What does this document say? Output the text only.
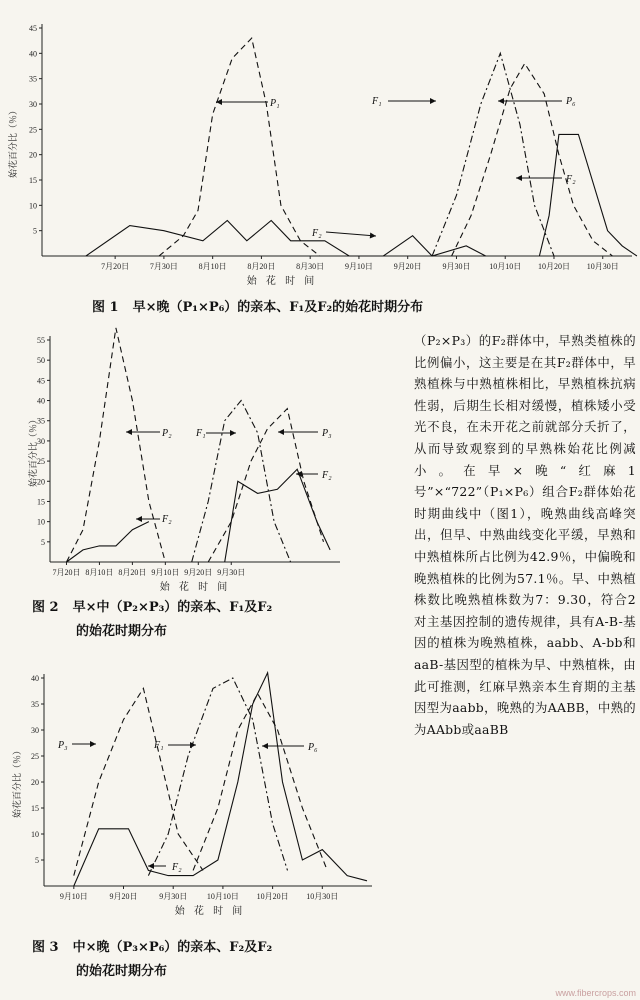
5
10
15
20
25
30
35
40
45
7月20日	7月30日	8月10日	8月20日	8月30日	9月10日	9月20日	9月30日 10月10日 10月20日 10月30日
始 花 时 间
始花百分比（％）
P₁	F₁	P₆
F₂
F₂
图 1 早×晚（P₁×P₆）的亲本、F₁及F₂的始花时期分布
5
10
15
20
25
30
35
40
45
50
55
7月20日 8月10日 8月20日 9月10日 9月20日 9月30日
始 花 时 间
始花百分比（％）	P₂ F₁	P₃
F₂
F₂
图 2 早×中（P₂×P₃）的亲本、F₁及F₂
的始花时期分布
5
10
15
20
25
30
35
40
9月10日	9月20日	9月30日 10月10日 10月20日 10月30日
始 花 时 间
始花百分比（％）
P₃	F₁	P₆
F₂
图 3 中×晚（P₃×P₆）的亲本、F₂及F₂
的始花时期分布
（P₂×P₃）的F₂群体中，早熟类植株的比例偏小，这主要是在其F₂群体中，早熟植株与中熟植株相比，早熟植株抗病性弱，后期生长相对缓慢，植株矮小受光不良，在未开花之前就部分夭折了，从而导致观察到的早熟株始花比例减小。在早×晚“红麻1号”×“722”（P₁×P₆）组合F₂群体始花时期曲线中（图1），晚熟曲线高峰突出，但早、中熟曲线变化平缓，早熟和中熟植株所占比例为42.9％，中偏晚和晚熟植株的比例为57.1％。早、中熟植株数比晚熟植株数为7：9.30，符合2对主基因控制的遗传规律，具有A-B-基因的植株为晚熟植株，aabb、A-bb和aaB-基因型的植株为早、中熟植株，由此可推测，红麻早熟亲本生育期的主基因型为aabb，晚熟的为AABB，中熟的为AAbb或aaBB
www.fibercrops.com
